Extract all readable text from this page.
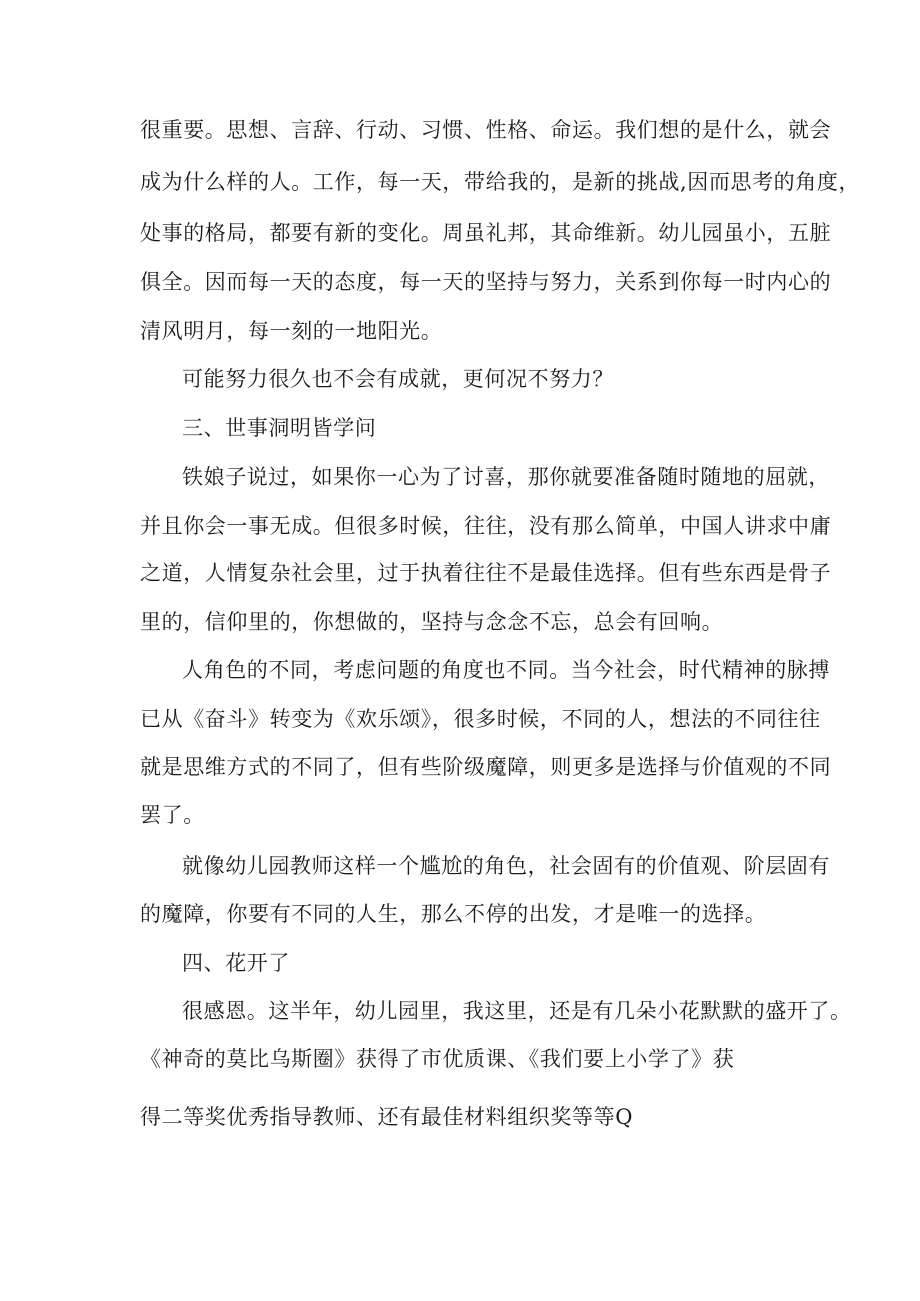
很重要。思想、言辞、行动、习惯、性格、命运。我们想的是什么，就会
成为什么样的人。工作，每一天，带给我的，是新的挑战,因而思考的角度，
处事的格局，都要有新的变化。周虽礼邦，其命维新。幼儿园虽小，五脏
俱全。因而每一天的态度，每一天的坚持与努力，关系到你每一时内心的
清风明月，每一刻的一地阳光。
可能努力很久也不会有成就，更何况不努力？
三、世事洞明皆学问
铁娘子说过，如果你一心为了讨喜，那你就要准备随时随地的屈就，
并且你会一事无成。但很多时候，往往，没有那么简单，中国人讲求中庸
之道，人情复杂社会里，过于执着往往不是最佳选择。但有些东西是骨子
里的，信仰里的，你想做的，坚持与念念不忘，总会有回响。
人角色的不同，考虑问题的角度也不同。当今社会，时代精神的脉搏
已从《奋斗》转变为《欢乐颂》，很多时候，不同的人，想法的不同往往
就是思维方式的不同了，但有些阶级魔障，则更多是选择与价值观的不同
罢了。
就像幼儿园教师这样一个尴尬的角色，社会固有的价值观、阶层固有
的魔障，你要有不同的人生，那么不停的出发，才是唯一的选择。
四、花开了
很感恩。这半年，幼儿园里，我这里，还是有几朵小花默默的盛开了。
《神奇的莫比乌斯圈》获得了市优质课、《我们要上小学了》获
得二等奖优秀指导教师、还有最佳材料组织奖等等Q
